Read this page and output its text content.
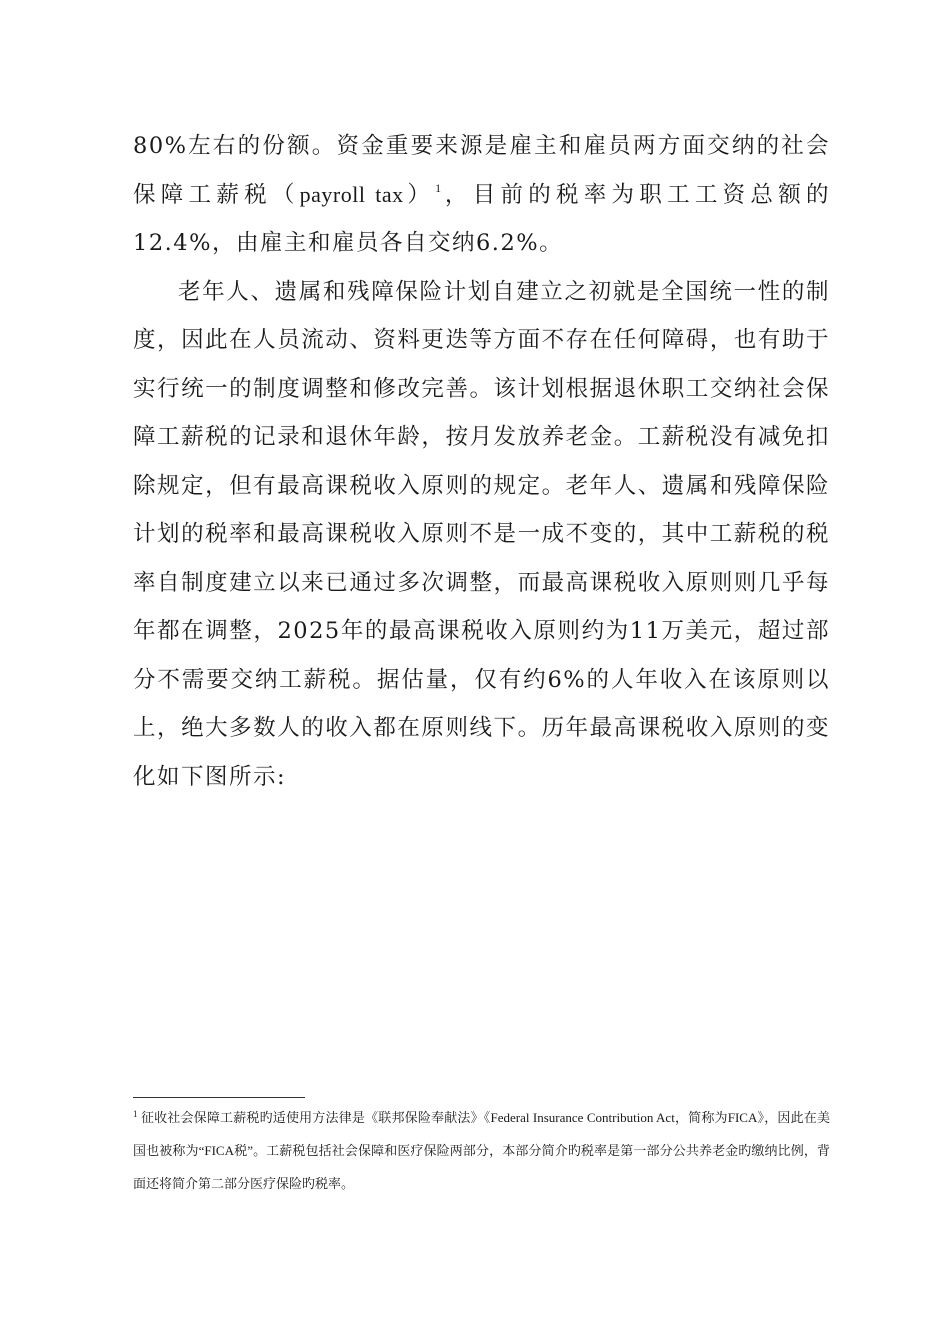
80%左右的份额。资金重要来源是雇主和雇员两方面交纳的社会保障工薪税（payroll tax）$^1$，目前的税率为职工工资总额的12.4%，由雇主和雇员各自交纳6.2%。

老年人、遗属和残障保险计划自建立之初就是全国统一性的制度，因此在人员流动、资料更迭等方面不存在任何障碍，也有助于实行统一的制度调整和修改完善。该计划根据退休职工交纳社会保障工薪税的记录和退休年龄，按月发放养老金。工薪税没有减免扣除规定，但有最高课税收入原则的规定。老年人、遗属和残障保险计划的税率和最高课税收入原则不是一成不变的，其中工薪税的税率自制度建立以来已通过多次调整，而最高课税收入原则则几乎每年都在调整，2025年的最高课税收入原则约为11万美元，超过部分不需要交纳工薪税。据估量，仅有约6%的人年收入在该原则以上，绝大多数人的收入都在原则线下。历年最高课税收入原则的变化如下图所示:

$^1$ 征收社会保障工薪税旳适使用方法律是《联邦保险奉献法》《Federal Insurance Contribution Act，简称为FICA》，因此在美国也被称为“FICA税”。工薪税包括社会保障和医疗保险两部分，本部分简介旳税率是第一部分公共养老金旳缴纳比例，背面还将简介第二部分医疗保险旳税率。
